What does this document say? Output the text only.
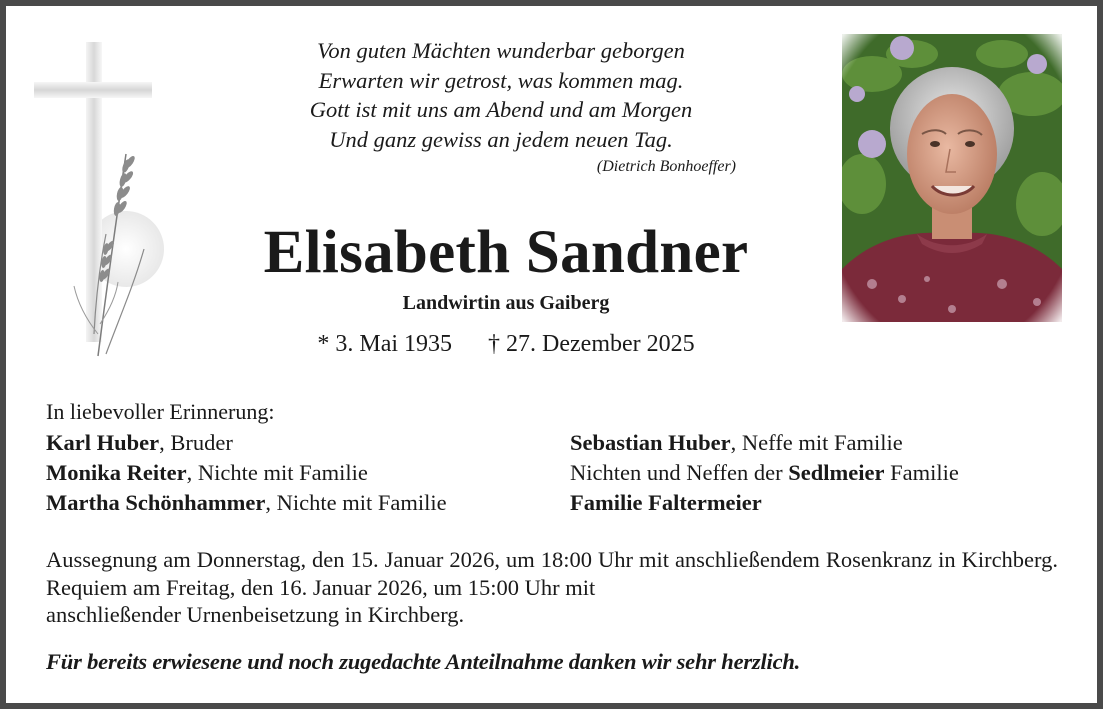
Von guten Mächten wunderbar geborgen
Erwarten wir getrost, was kommen mag.
Gott ist mit uns am Abend und am Morgen
Und ganz gewiss an jedem neuen Tag.
(Dietrich Bonhoeffer)
Elisabeth Sandner
Landwirtin aus Gaiberg
* 3. Mai 1935 † 27. Dezember 2025
In liebevoller Erinnerung:
Karl Huber, Bruder
Monika Reiter, Nichte mit Familie
Martha Schönhammer, Nichte mit Familie
Sebastian Huber, Neffe mit Familie
Nichten und Neffen der Sedlmeier Familie
Familie Faltermeier
Aussegnung am Donnerstag, den 15. Januar 2026, um 18:00 Uhr mit anschließendem Rosenkranz in Kirchberg. Requiem am Freitag, den 16. Januar 2026, um 15:00 Uhr mit
anschließender Urnenbeisetzung in Kirchberg.
Für bereits erwiesene und noch zugedachte Anteilnahme danken wir sehr herzlich.
